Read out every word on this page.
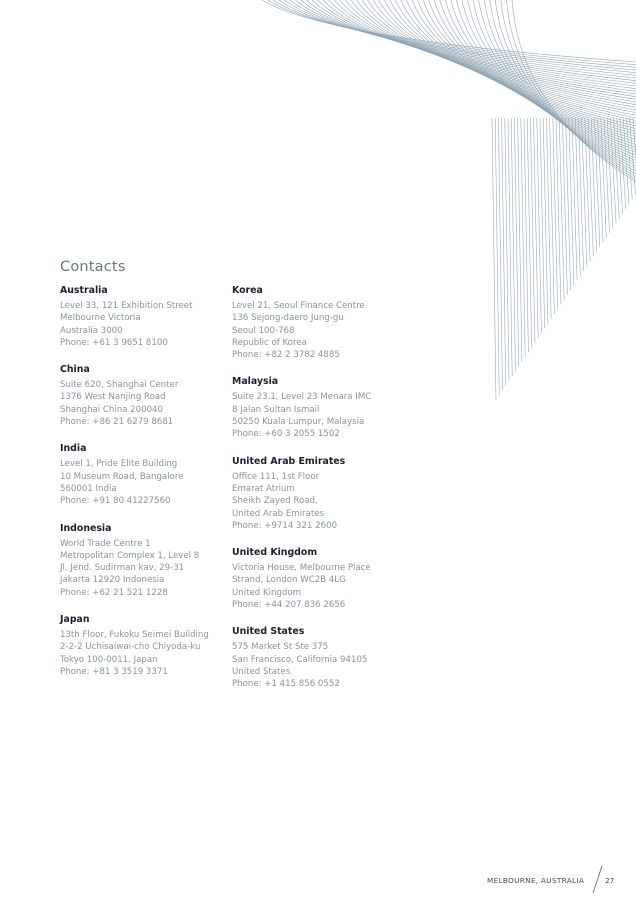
Contacts
Australia
Level 33, 121 Exhibition Street
Melbourne Victoria
Australia 3000
Phone: +61 3 9651 8100
China
Suite 620, Shanghai Center
1376 West Nanjing Road
Shanghai China 200040
Phone: +86 21 6279 8681
India
Level 1, Pride Elite Building
10 Museum Road, Bangalore
560001 India
Phone: +91 80 41227560
Indonesia
World Trade Centre 1
Metropolitan Complex 1, Level 8
Jl. Jend. Sudirman kav, 29-31
Jakarta 12920 Indonesia
Phone: +62 21 521 1228
Japan
13th Floor, Fukoku Seimei Building
2-2-2 Uchisaiwai-cho Chiyoda-ku
Tokyo 100-0011, Japan
Phone: +81 3 3519 3371
Korea
Level 21, Seoul Finance Centre
136 Sejong-daero Jung-gu
Seoul 100-768
Republic of Korea
Phone: +82 2 3782 4885
Malaysia
Suite 23.1, Level 23 Menara IMC
8 Jalan Sultan Ismail
50250 Kuala Lumpur, Malaysia
Phone: +60 3 2055 1502
United Arab Emirates
Office 111, 1st Floor
Emarat Atrium
Sheikh Zayed Road,
United Arab Emirates
Phone: +9714 321 2600
United Kingdom
Victoria House, Melbourne Place
Strand, London WC2B 4LG
United Kingdom
Phone: +44 207 836 2656
United States
575 Market St Ste 375
San Francisco, California 94105
United States
Phone: +1 415 856 0552
MELBOURNE, AUSTRALIA	27
